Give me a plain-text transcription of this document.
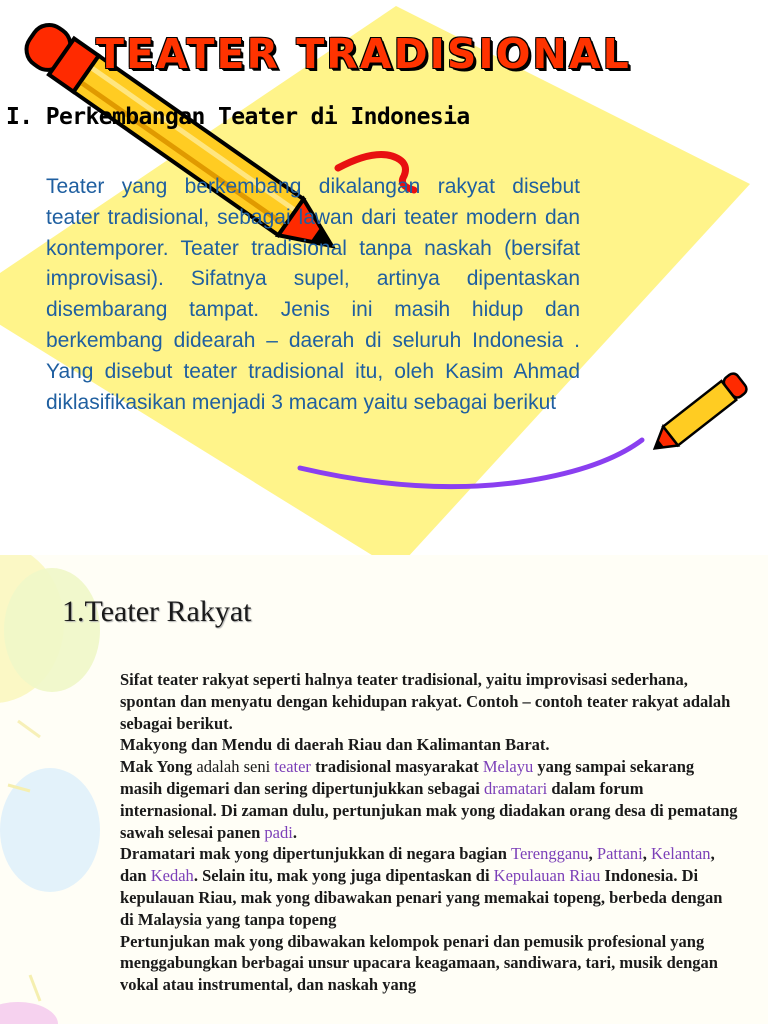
TEATER TRADISIONAL
I. Perkembangan Teater di Indonesia
Teater yang berkembang dikalangan rakyat disebut teater tradisional, sebagai lawan dari teater modern dan kontemporer. Teater tradisional tanpa naskah (bersifat improvisasi). Sifatnya supel, artinya dipentaskan disembarang tampat. Jenis ini masih hidup dan berkembang didearah – daerah di seluruh Indonesia . Yang disebut teater tradisional itu, oleh Kasim Ahmad diklasifikasikan menjadi 3 macam yaitu sebagai berikut
1.Teater Rakyat

Sifat teater rakyat seperti halnya teater tradisional, yaitu improvisasi sederhana, spontan dan menyatu dengan kehidupan rakyat. Contoh – contoh teater rakyat adalah sebagai berikut.

Makyong dan Mendu di daerah Riau dan Kalimantan Barat.

Mak Yong adalah seni teater tradisional masyarakat Melayu yang sampai sekarang masih digemari dan sering dipertunjukkan sebagai dramatari dalam forum internasional. Di zaman dulu, pertunjukan mak yong diadakan orang desa di pematang sawah selesai panen padi.

Dramatari mak yong dipertunjukkan di negara bagian Terengganu, Pattani, Kelantan, dan Kedah. Selain itu, mak yong juga dipentaskan di Kepulauan Riau Indonesia. Di kepulauan Riau, mak yong dibawakan penari yang memakai topeng, berbeda dengan di Malaysia yang tanpa topeng

Pertunjukan mak yong dibawakan kelompok penari dan pemusik profesional yang menggabungkan berbagai unsur upacara keagamaan, sandiwara, tari, musik dengan vokal atau instrumental, dan naskah yang
